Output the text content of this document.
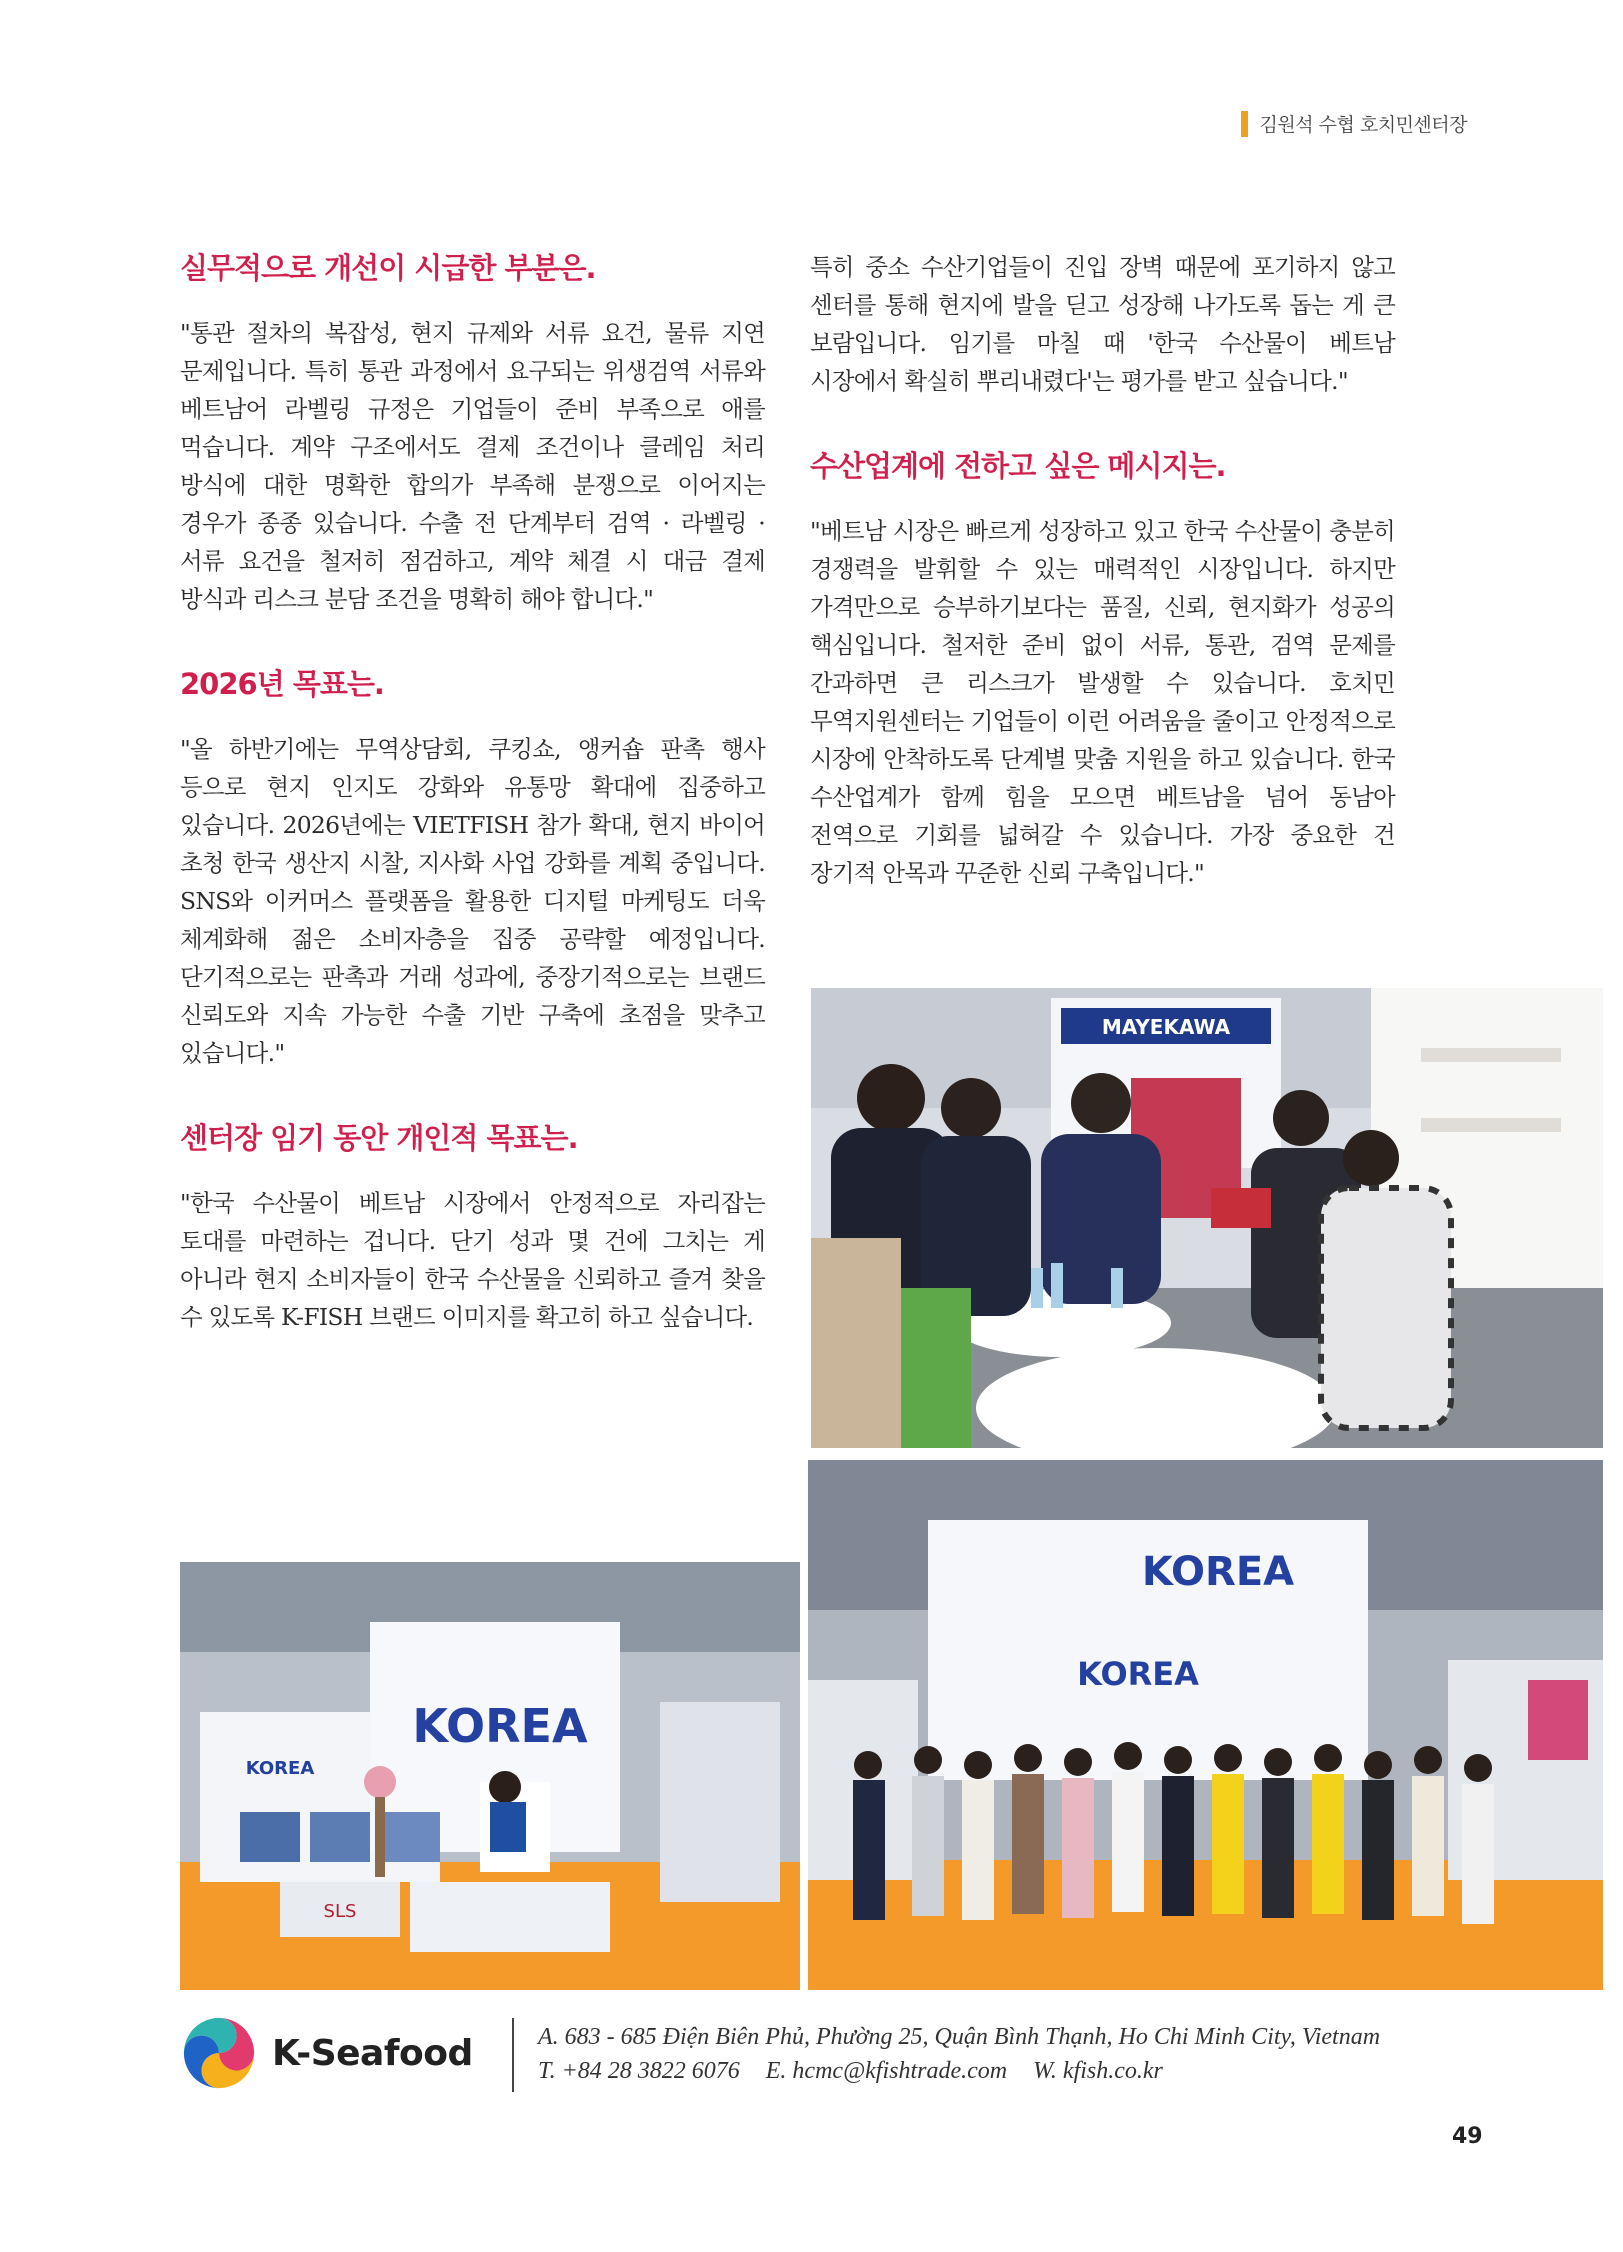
김원석 수협 호치민센터장
실무적으로 개선이 시급한 부분은.

"통관 절차의 복잡성, 현지 규제와 서류 요건, 물류 지연 문제입니다. 특히 통관 과정에서 요구되는 위생검역 서류와 베트남어 라벨링 규정은 기업들이 준비 부족으로 애를 먹습니다. 계약 구조에서도 결제 조건이나 클레임 처리 방식에 대한 명확한 합의가 부족해 분쟁으로 이어지는 경우가 종종 있습니다. 수출 전 단계부터 검역 · 라벨링 · 서류 요건을 철저히 점검하고, 계약 체결 시 대금 결제 방식과 리스크 분담 조건을 명확히 해야 합니다."

2026년 목표는.

"올 하반기에는 무역상담회, 쿠킹쇼, 앵커숍 판촉 행사 등으로 현지 인지도 강화와 유통망 확대에 집중하고 있습니다. 2026년에는 VIETFISH 참가 확대, 현지 바이어 초청 한국 생산지 시찰, 지사화 사업 강화를 계획 중입니다. SNS와 이커머스 플랫폼을 활용한 디지털 마케팅도 더욱 체계화해 젊은 소비자층을 집중 공략할 예정입니다. 단기적으로는 판촉과 거래 성과에, 중장기적으로는 브랜드 신뢰도와 지속 가능한 수출 기반 구축에 초점을 맞추고 있습니다."

센터장 임기 동안 개인적 목표는.

"한국 수산물이 베트남 시장에서 안정적으로 자리잡는 토대를 마련하는 겁니다. 단기 성과 몇 건에 그치는 게 아니라 현지 소비자들이 한국 수산물을 신뢰하고 즐겨 찾을 수 있도록 K-FISH 브랜드 이미지를 확고히 하고 싶습니다.

특히 중소 수산기업들이 진입 장벽 때문에 포기하지 않고 센터를 통해 현지에 발을 딛고 성장해 나가도록 돕는 게 큰 보람입니다. 임기를 마칠 때 '한국 수산물이 베트남 시장에서 확실히 뿌리내렸다'는 평가를 받고 싶습니다."

수산업계에 전하고 싶은 메시지는.

"베트남 시장은 빠르게 성장하고 있고 한국 수산물이 충분히 경쟁력을 발휘할 수 있는 매력적인 시장입니다. 하지만 가격만으로 승부하기보다는 품질, 신뢰, 현지화가 성공의 핵심입니다. 철저한 준비 없이 서류, 통관, 검역 문제를 간과하면 큰 리스크가 발생할 수 있습니다. 호치민 무역지원센터는 기업들이 이런 어려움을 줄이고 안정적으로 시장에 안착하도록 단계별 맞춤 지원을 하고 있습니다. 한국 수산업계가 함께 힘을 모으면 베트남을 넘어 동남아 전역으로 기회를 넓혀갈 수 있습니다. 가장 중요한 건 장기적 안목과 꾸준한 신뢰 구축입니다."

MAYEKAWA
KOREA
KOREA
SLS
KOREA
KOREA
K-Seafood	A. 683 - 685 Điện Biên Phủ, Phường 25, Quận Bình Thạnh, Ho Chi Minh City, Vietnam
T. +84 28 3822 6076 E. hcmc@kfishtrade.com W. kfish.co.kr
49
